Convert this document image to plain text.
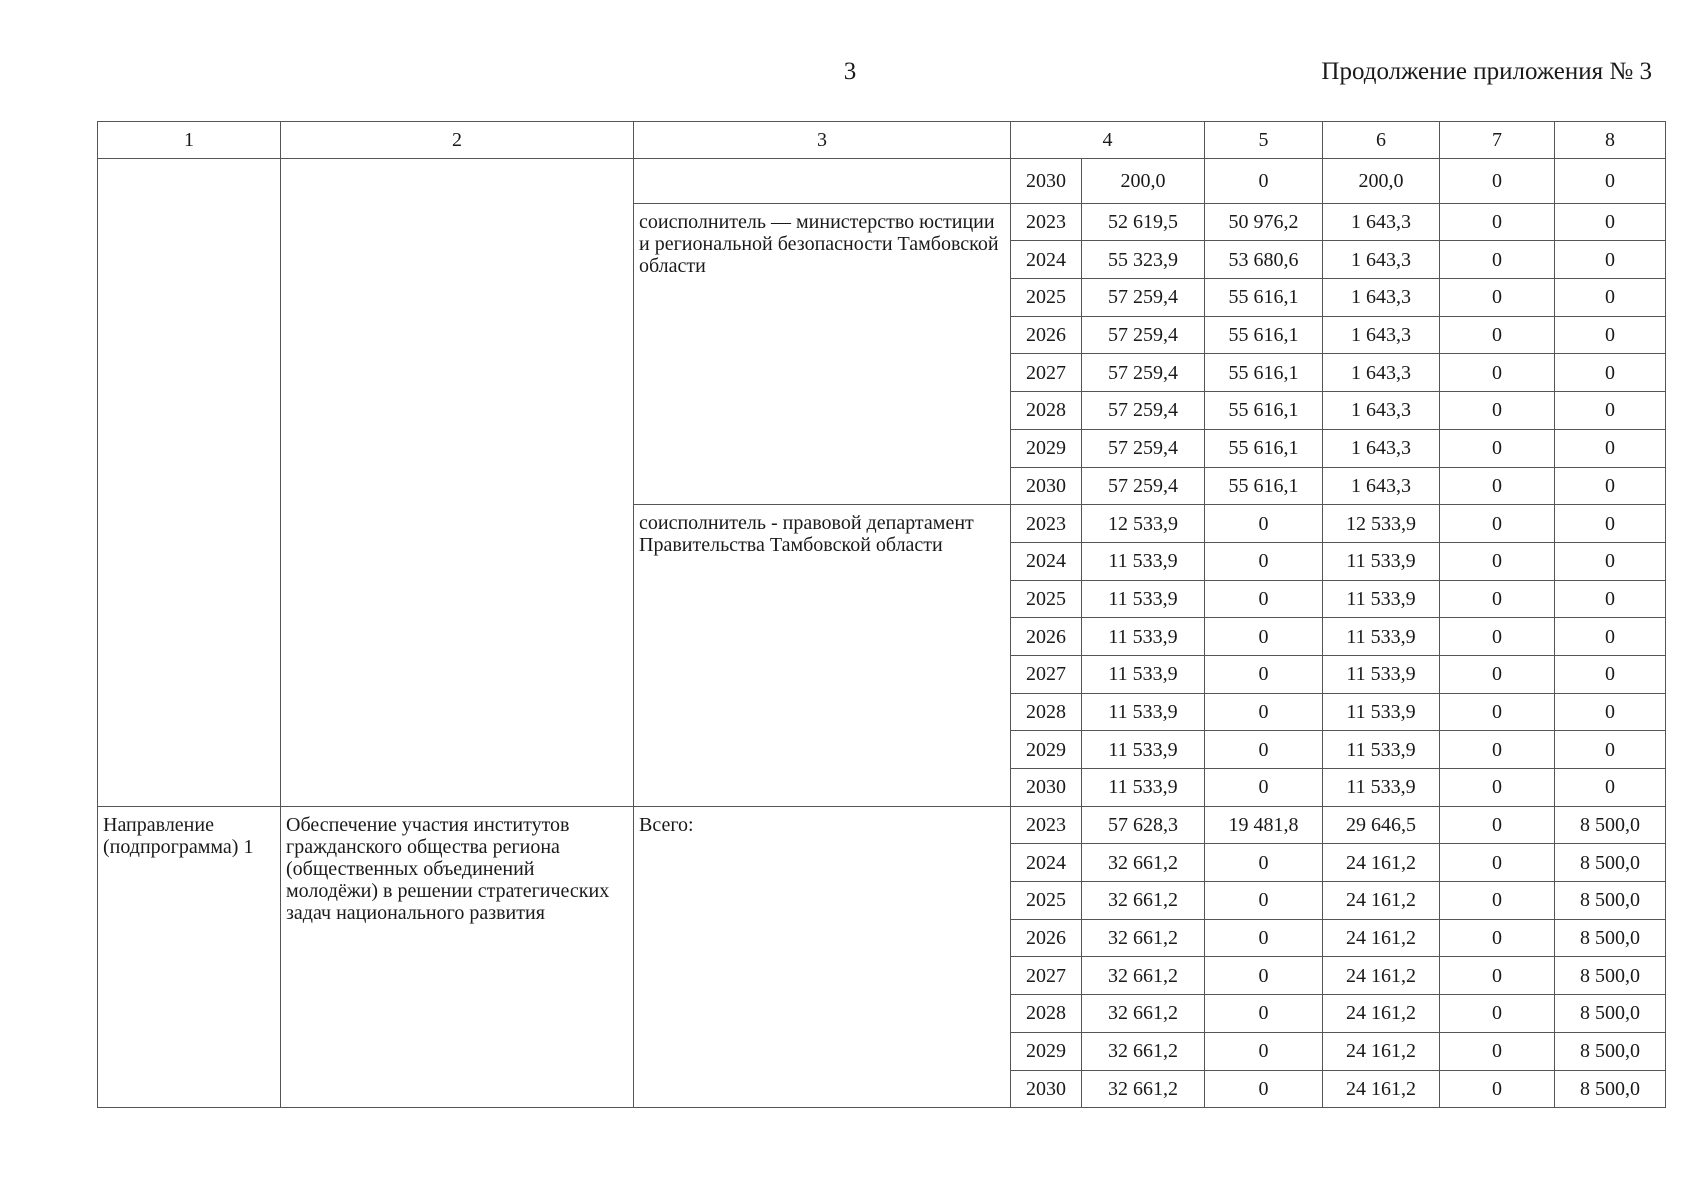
3	Продолжение приложения № 3
1	2	3	4		5	6	7	8
			2030	200,0	0	200,0	0	0
		соисполнитель — министерство юстиции и региональной безопасности Тамбовской области	2023	52 619,5	50 976,2	1 643,3	0	0
			2024	55 323,9	53 680,6	1 643,3	0	0
			2025	57 259,4	55 616,1	1 643,3	0	0
			2026	57 259,4	55 616,1	1 643,3	0	0
			2027	57 259,4	55 616,1	1 643,3	0	0
			2028	57 259,4	55 616,1	1 643,3	0	0
			2029	57 259,4	55 616,1	1 643,3	0	0
			2030	57 259,4	55 616,1	1 643,3	0	0
		соисполнитель - правовой департамент Правительства Тамбовской области	2023	12 533,9	0	12 533,9	0	0
			2024	11 533,9	0	11 533,9	0	0
			2025	11 533,9	0	11 533,9	0	0
			2026	11 533,9	0	11 533,9	0	0
			2027	11 533,9	0	11 533,9	0	0
			2028	11 533,9	0	11 533,9	0	0
			2029	11 533,9	0	11 533,9	0	0
			2030	11 533,9	0	11 533,9	0	0
Направление (подпрограмма) 1	Обеспечение участия институтов гражданского общества региона (общественных объединений молодёжи) в решении стратегических задач национального развития	Всего:	2023	57 628,3	19 481,8	29 646,5	0	8 500,0
			2024	32 661,2	0	24 161,2	0	8 500,0
			2025	32 661,2	0	24 161,2	0	8 500,0
			2026	32 661,2	0	24 161,2	0	8 500,0
			2027	32 661,2	0	24 161,2	0	8 500,0
			2028	32 661,2	0	24 161,2	0	8 500,0
			2029	32 661,2	0	24 161,2	0	8 500,0
			2030	32 661,2	0	24 161,2	0	8 500,0
